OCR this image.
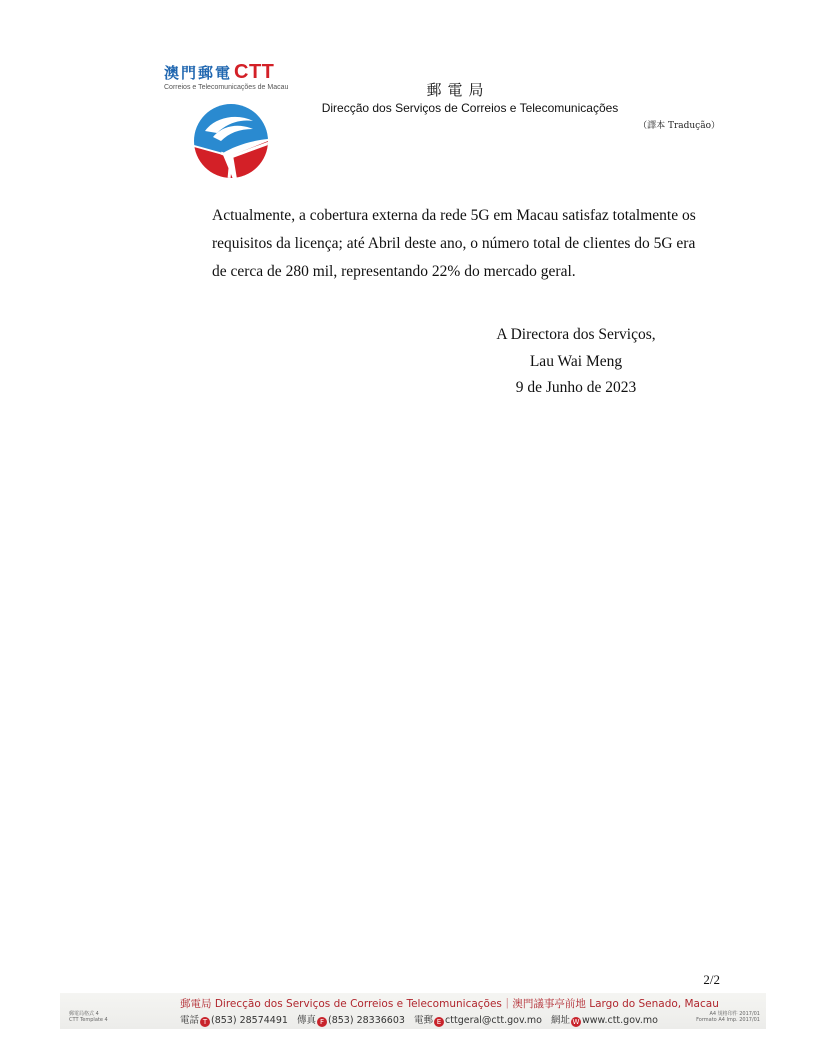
澳門郵電 CTT
Correios e Telecomunicações de Macau	郵電局
Direcção dos Serviços de Correios e Telecomunicações
（譯本 Tradução）
Actualmente, a cobertura externa da rede 5G em Macau satisfaz totalmente os
requisitos da licença; até Abril deste ano, o número total de clientes do 5G era
de cerca de 280 mil, representando 22% do mercado geral.
A Directora dos Serviços,
Lau Wai Meng
9 de Junho de 2023
2/2
郵電局 Direcção dos Serviços de Correios e Telecomunicações｜澳門議事亭前地 Largo do Senado, Macau
電話 T (853) 28574491 傳真 F (853) 28336603 電郵 E cttgeral@ctt.gov.mo 網址 W www.ctt.gov.mo
郵電局格式 4
CTT Template 4
A4 規格印件 2017/01
Formato A4 Imp. 2017/01
